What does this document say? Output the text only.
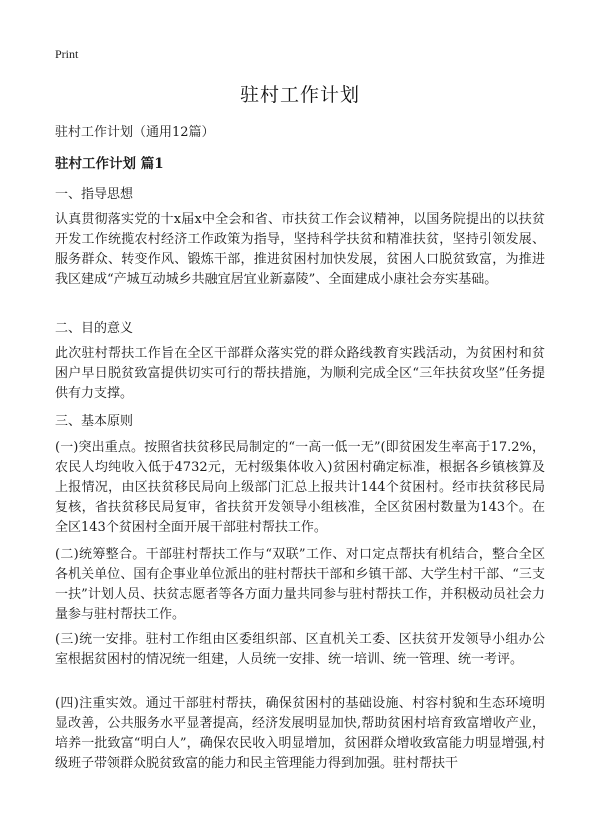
Print
驻村工作计划
驻村工作计划（通用12篇）
驻村工作计划 篇1
一、指导思想

认真贯彻落实党的十x届x中全会和省、市扶贫工作会议精神，以国务院提出的以扶贫开发工作统揽农村经济工作政策为指导，坚持科学扶贫和精准扶贫，坚持引领发展、服务群众、转变作风、锻炼干部，推进贫困村加快发展，贫困人口脱贫致富，为推进我区建成“产城互动城乡共融宜居宜业新嘉陵”、全面建成小康社会夯实基础。

二、目的意义

此次驻村帮扶工作旨在全区干部群众落实党的群众路线教育实践活动，为贫困村和贫困户早日脱贫致富提供切实可行的帮扶措施，为顺利完成全区“三年扶贫攻坚”任务提供有力支撑。

三、基本原则

(一)突出重点。按照省扶贫移民局制定的“一高一低一无”(即贫困发生率高于17.2%，农民人均纯收入低于4732元，无村级集体收入)贫困村确定标准，根据各乡镇核算及上报情况，由区扶贫移民局向上级部门汇总上报共计144个贫困村。经市扶贫移民局复核，省扶贫移民局复审，省扶贫开发领导小组核准，全区贫困村数量为143个。在全区143个贫困村全面开展干部驻村帮扶工作。

(二)统筹整合。干部驻村帮扶工作与“双联”工作、对口定点帮扶有机结合，整合全区各机关单位、国有企事业单位派出的驻村帮扶干部和乡镇干部、大学生村干部、“三支一扶”计划人员、扶贫志愿者等各方面力量共同参与驻村帮扶工作，并积极动员社会力量参与驻村帮扶工作。

(三)统一安排。驻村工作组由区委组织部、区直机关工委、区扶贫开发领导小组办公室根据贫困村的情况统一组建，人员统一安排、统一培训、统一管理、统一考评。

(四)注重实效。通过干部驻村帮扶，确保贫困村的基础设施、村容村貌和生态环境明显改善，公共服务水平显著提高，经济发展明显加快,帮助贫困村培育致富增收产业，培养一批致富“明白人”，确保农民收入明显增加，贫困群众增收致富能力明显增强,村级班子带领群众脱贫致富的能力和民主管理能力得到加强。驻村帮扶干
